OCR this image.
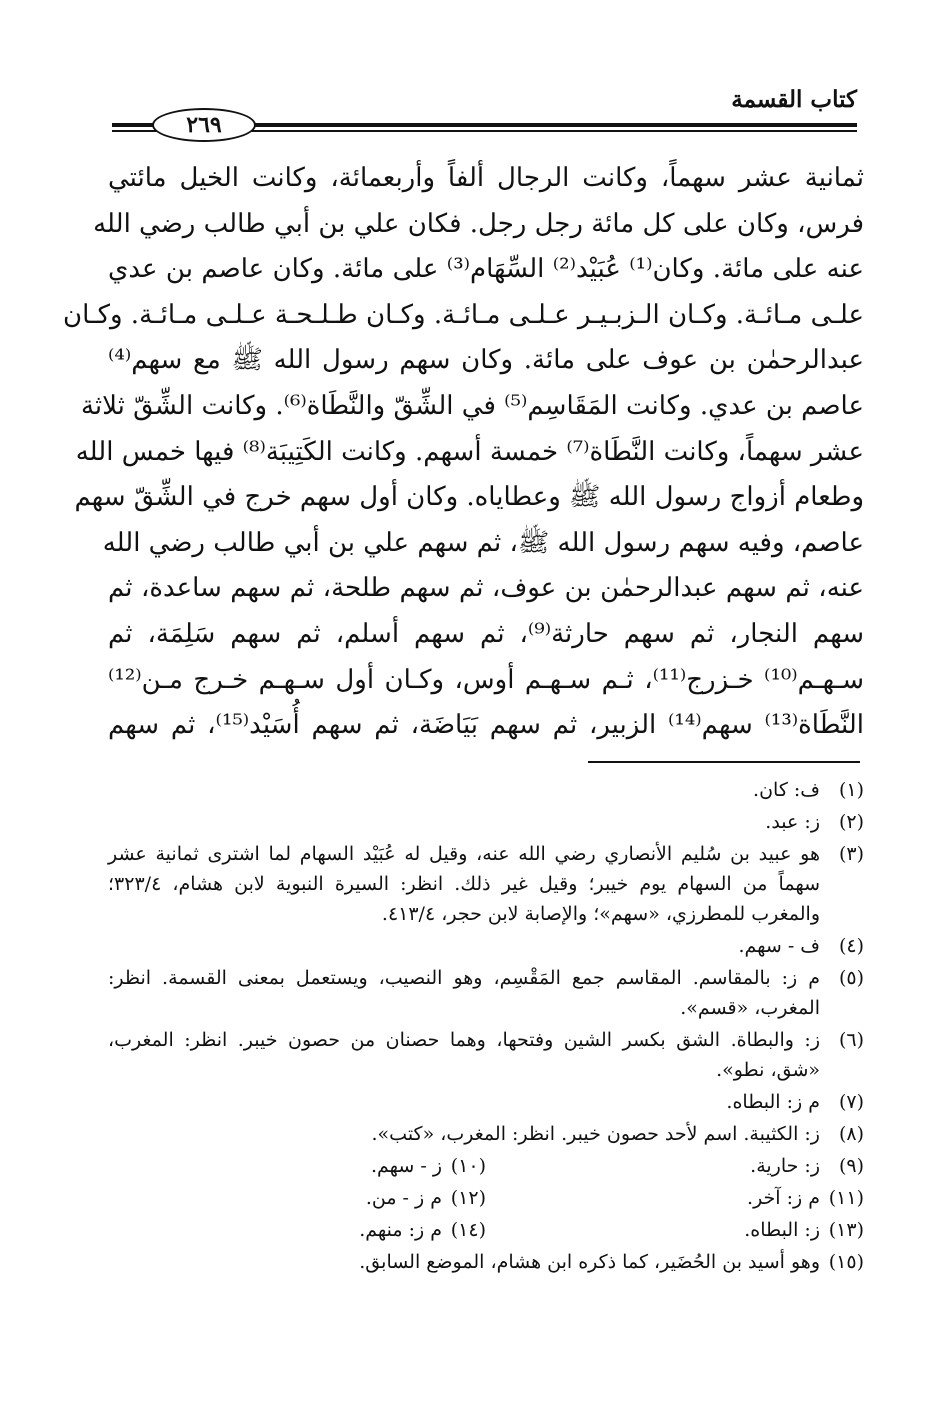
٢٦٩
كتاب القسمة
ثمانية عشر سهماً، وكانت الرجال ألفاً وأربعمائة، وكانت الخيل مائتي
فرس، وكان على كل مائة رجل رجل. فكان علي بن أبي طالب رضي الله
عنه على مائة. وكان⁽¹⁾ عُبَيْد⁽²⁾ السِّهَام⁽³⁾ على مائة. وكان عاصم بن عدي
علـى مـائـة. وكـان الـزبـيـر عـلـى مـائـة. وكـان طـلـحـة عـلـى مـائـة. وكـان
عبدالرحمٰن بن عوف على مائة. وكان سهم رسول الله ﷺ مع سهم⁽⁴⁾
عاصم بن عدي. وكانت المَقَاسِم⁽⁵⁾ في الشِّقّ والنَّطَاة⁽⁶⁾. وكانت الشِّقّ ثلاثة
عشر سهماً، وكانت النَّطَاة⁽⁷⁾ خمسة أسهم. وكانت الكَتِيبَة⁽⁸⁾ فيها خمس الله
وطعام أزواج رسول الله ﷺ وعطاياه. وكان أول سهم خرج في الشِّقّ سهم
عاصم، وفيه سهم رسول الله ﷺ، ثم سهم علي بن أبي طالب رضي الله
عنه، ثم سهم عبدالرحمٰن بن عوف، ثم سهم طلحة، ثم سهم ساعدة، ثم
سهم النجار، ثم سهم حارثة⁽⁹⁾، ثم سهم أسلم، ثم سهم سَلِمَة، ثم
سـهـم⁽¹⁰⁾ خـزرج⁽¹¹⁾، ثـم سـهـم أوس، وكـان أول سـهـم خـرج مـن⁽¹²⁾
النَّطَاة⁽¹³⁾ سهم⁽¹⁴⁾ الزبير، ثم سهم بَيَاضَة، ثم سهم أُسَيْد⁽¹⁵⁾، ثم سهم
(١)
ف: كان.
(٢)
ز: عبد.
(٣)
هو عبيد بن سُليم الأنصاري رضي الله عنه، وقيل له عُبَيْد السهام لما اشترى ثمانية عشر سهماً من السهام يوم خيبر؛ وقيل غير ذلك. انظر: السيرة النبوية لابن هشام، ٣٢٣/٤؛ والمغرب للمطرزي، «سهم»؛ والإصابة لابن حجر، ٤١٣/٤.
(٤)
ف - سهم.
(٥)
م ز: بالمقاسم. المقاسم جمع المَقْسِم، وهو النصيب، ويستعمل بمعنى القسمة. انظر: المغرب، «قسم».
(٦)
ز: والبطاة. الشق بكسر الشين وفتحها، وهما حصنان من حصون خيبر. انظر: المغرب، «شق، نطو».
(٧)
م ز: البطاه.
(٨)
ز: الكثيبة. اسم لأحد حصون خيبر. انظر: المغرب، «كتب».
(٩)
ز: حارية.
(١٠)
ز - سهم.
(١١)
م ز: آخر.
(١٢)
م ز - من.
(١٣)
ز: البطاه.
(١٤)
م ز: منهم.
(١٥)
وهو أسيد بن الحُضَير، كما ذكره ابن هشام، الموضع السابق.
